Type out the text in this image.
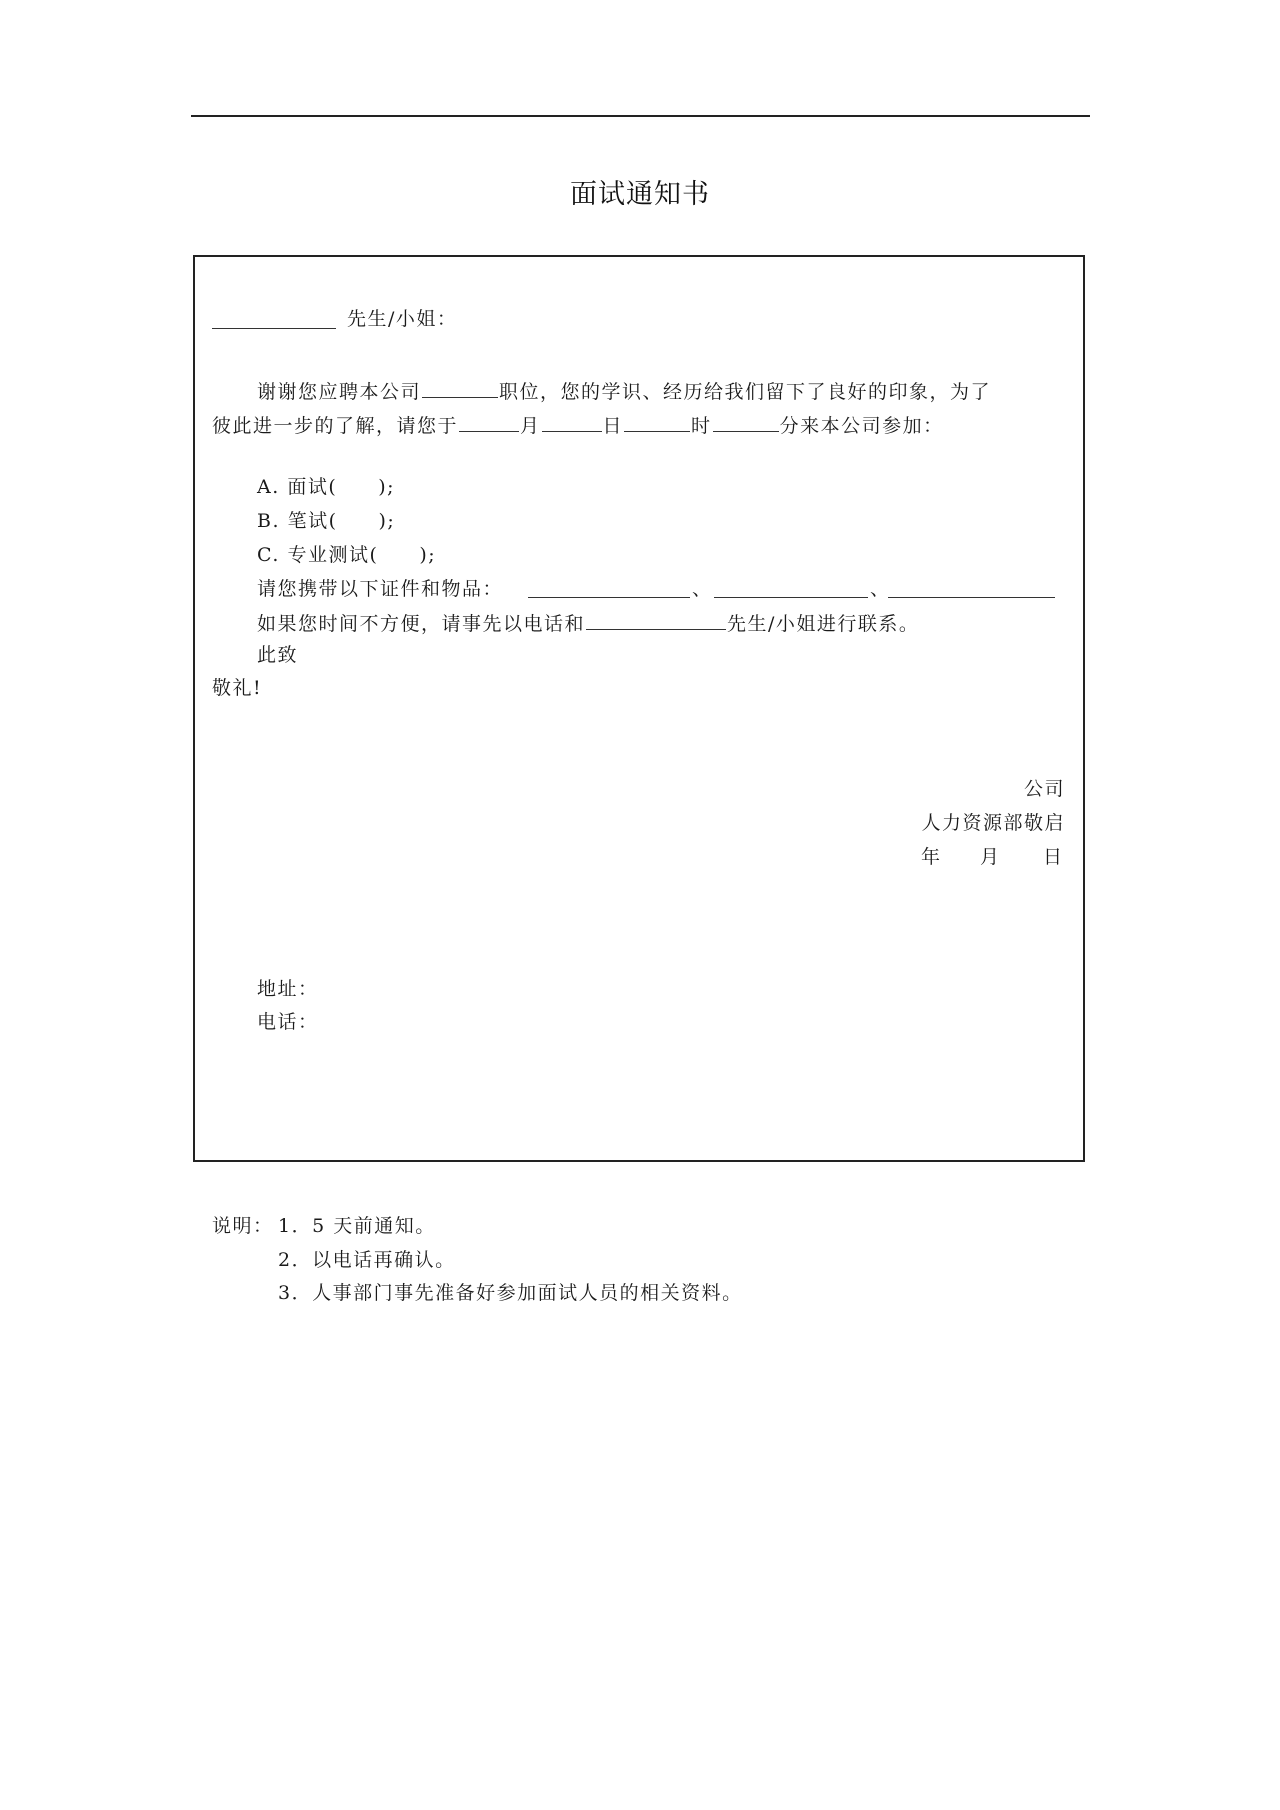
面试通知书
先生/小姐：
谢谢您应聘本公司	职位，您的学识、经历给我们留下了良好的印象，为了
彼此进一步的了解，请您于	月	日	时	分来本公司参加：
A. 面试(　　);
B. 笔试(　　);
C. 专业测试(　　);
请您携带以下证件和物品：	、	、
如果您时间不方便，请事先以电话和	先生/小姐进行联系。
此致
敬礼!
公司
人力资源部敬启
年 月 日
地址：
电话：
说明： 1．5 天前通知。
2．以电话再确认。
3．人事部门事先准备好参加面试人员的相关资料。
